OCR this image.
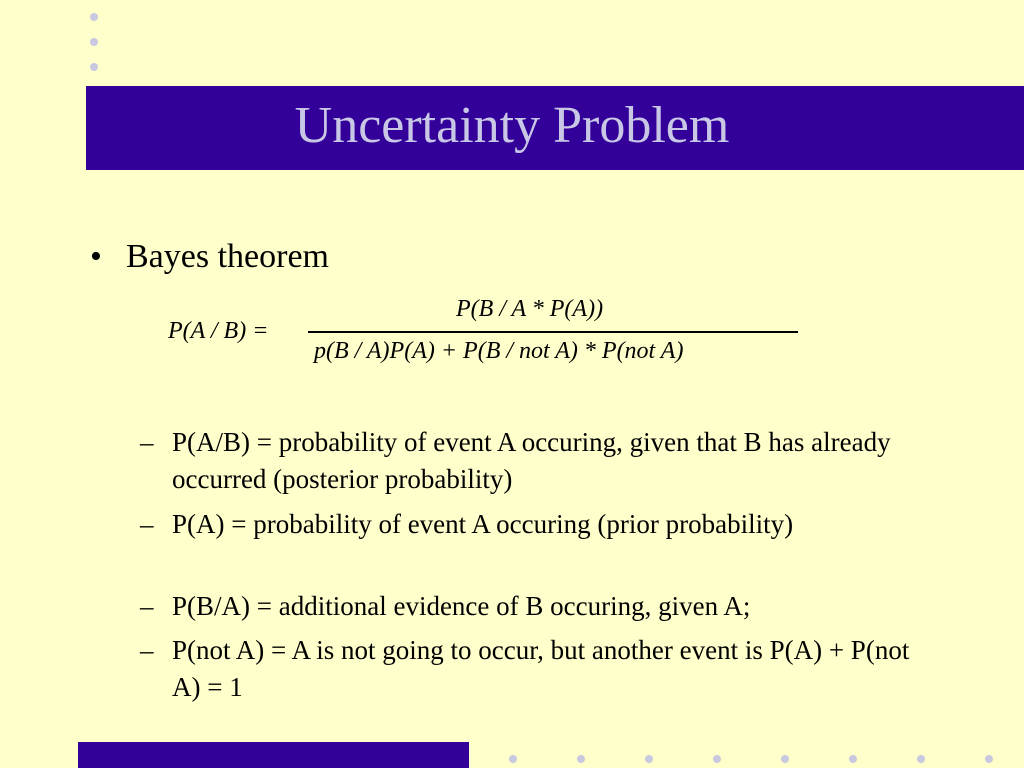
Uncertainty Problem
• Bayes theorem
P(A / B) =
P(B / A * P(A))
p(B / A)P(A) + P(B / not A) * P(not A)
– P(A/B) = probability of event A occuring, given that B has already occurred (posterior probability)
– P(A) = probability of event A occuring (prior probability)
– P(B/A) = additional evidence of B occuring, given A;
– P(not A) = A is not going to occur, but another event is P(A) + P(not A) = 1
